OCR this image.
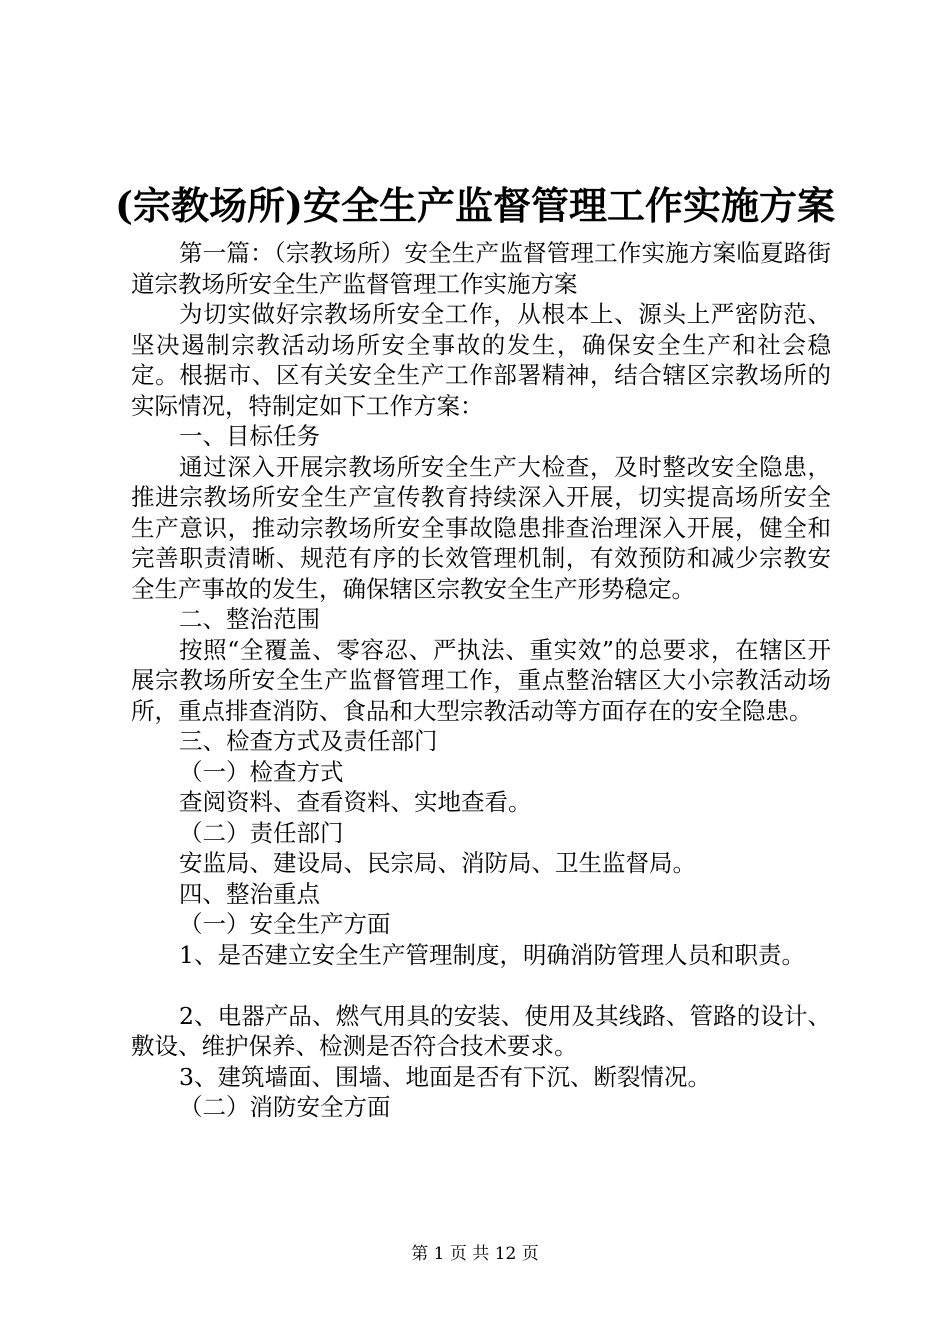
(宗教场所)安全生产监督管理工作实施方案

第一篇：（宗教场所）安全生产监督管理工作实施方案临夏路街道宗教场所安全生产监督管理工作实施方案

为切实做好宗教场所安全工作，从根本上、源头上严密防范、坚决遏制宗教活动场所安全事故的发生，确保安全生产和社会稳定。根据市、区有关安全生产工作部署精神，结合辖区宗教场所的实际情况，特制定如下工作方案：

一、目标任务

通过深入开展宗教场所安全生产大检查，及时整改安全隐患，推进宗教场所安全生产宣传教育持续深入开展，切实提高场所安全生产意识，推动宗教场所安全事故隐患排查治理深入开展，健全和完善职责清晰、规范有序的长效管理机制，有效预防和减少宗教安全生产事故的发生，确保辖区宗教安全生产形势稳定。

二、整治范围

按照“全覆盖、零容忍、严执法、重实效”的总要求，在辖区开展宗教场所安全生产监督管理工作，重点整治辖区大小宗教活动场所，重点排查消防、食品和大型宗教活动等方面存在的安全隐患。

三、检查方式及责任部门

（一）检查方式

查阅资料、查看资料、实地查看。

（二）责任部门

安监局、建设局、民宗局、消防局、卫生监督局。

四、整治重点

（一）安全生产方面

1、是否建立安全生产管理制度，明确消防管理人员和职责。

2、电器产品、燃气用具的安装、使用及其线路、管路的设计、敷设、维护保养、检测是否符合技术要求。

3、建筑墙面、围墙、地面是否有下沉、断裂情况。

（二）消防安全方面

第 1 页 共 12 页
